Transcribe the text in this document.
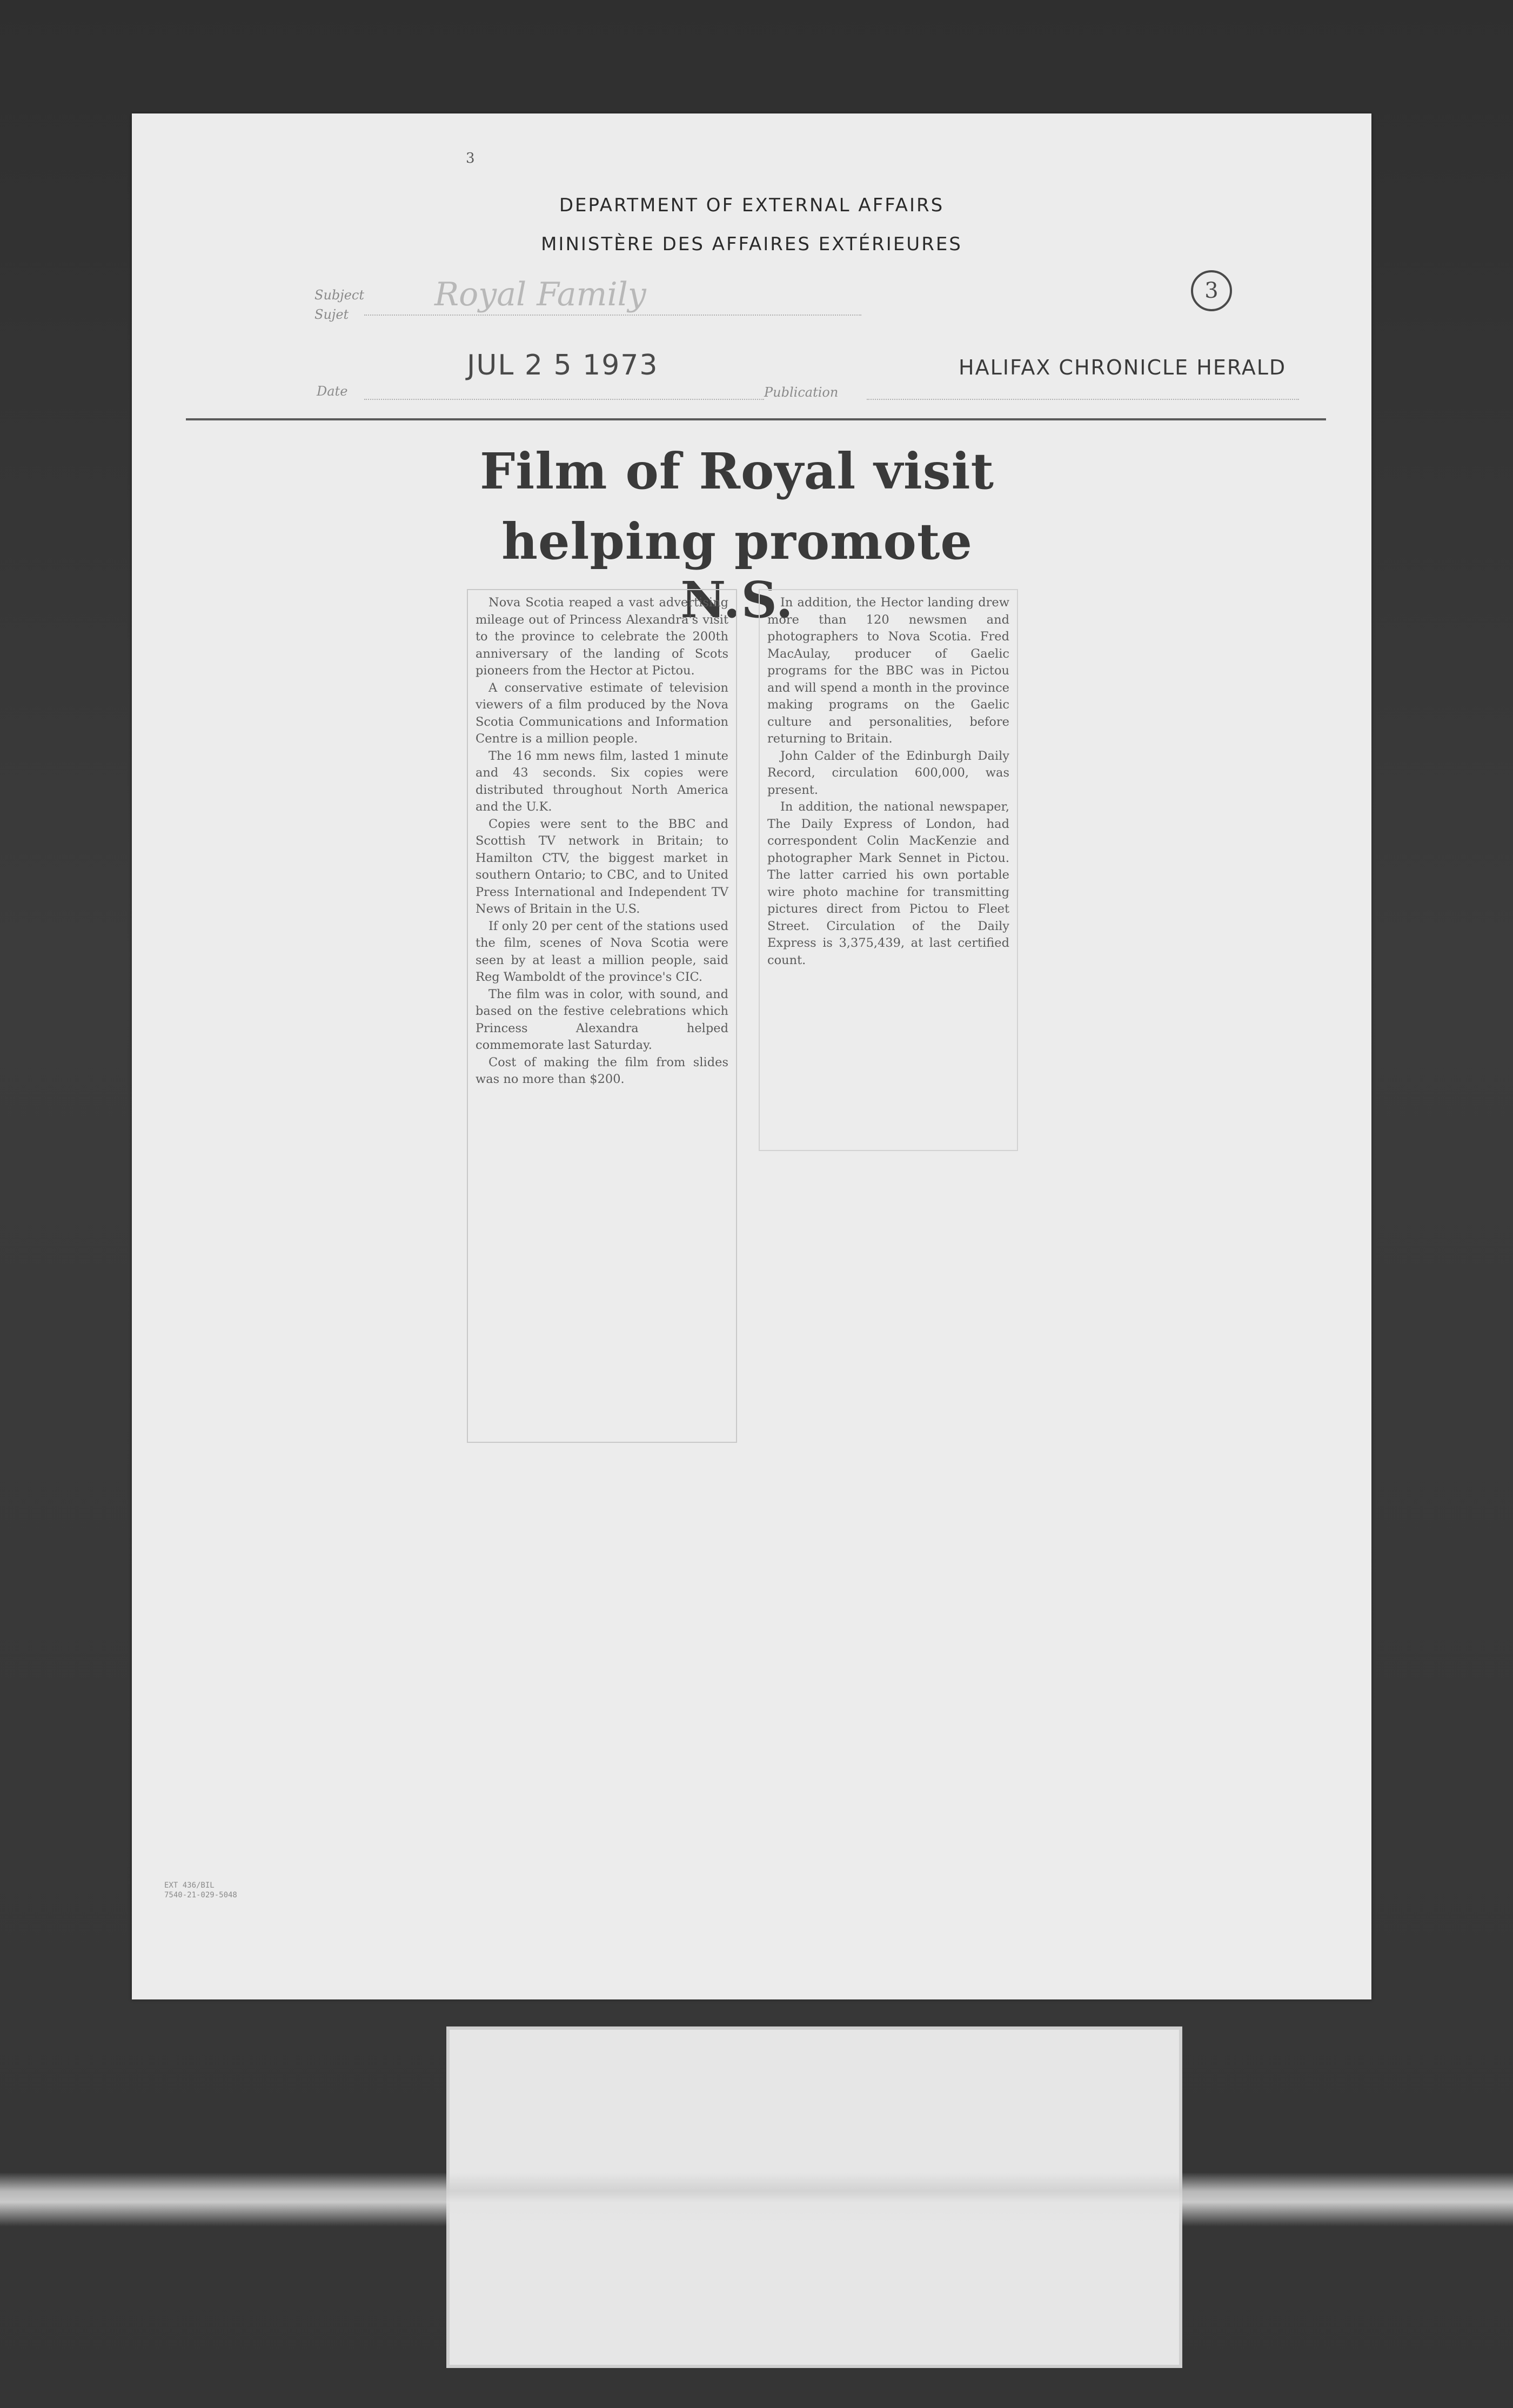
3
DEPARTMENT OF EXTERNAL AFFAIRS
MINISTÈRE DES AFFAIRES EXTÉRIEURES

3
Subject
Sujet
Royal Family
Date
JUL 2 5 1973
Publication
HALIFAX CHRONICLE HERALD
Film of Royal visit
helping promote N.S.

Nova Scotia reaped a vast advertising mileage out of Princess Alexandra's visit to the province to celebrate the 200th anniversary of the landing of Scots pioneers from the Hector at Pictou.

A conservative estimate of television viewers of a film produced by the Nova Scotia Communications and Information Centre is a million people.

The 16 mm news film, lasted 1 minute and 43 seconds. Six copies were distributed throughout North America and the U.K.

Copies were sent to the BBC and Scottish TV network in Britain; to Hamilton CTV, the biggest market in southern Ontario; to CBC, and to United Press International and Independent TV News of Britain in the U.S.

If only 20 per cent of the stations used the film, scenes of Nova Scotia were seen by at least a million people, said Reg Wamboldt of the province's CIC.

The film was in color, with sound, and based on the festive celebrations which Princess Alexandra helped commemorate last Saturday.

Cost of making the film from slides was no more than $200.

In addition, the Hector landing drew more than 120 newsmen and photographers to Nova Scotia. Fred MacAulay, producer of Gaelic programs for the BBC was in Pictou and will spend a month in the province making programs on the Gaelic culture and personalities, before returning to Britain.

John Calder of the Edinburgh Daily Record, circulation 600,000, was present.

In addition, the national newspaper, The Daily Express of London, had correspondent Colin MacKenzie and photographer Mark Sennet in Pictou. The latter carried his own portable wire photo machine for transmitting pictures direct from Pictou to Fleet Street. Circulation of the Daily Express is 3,375,439, at last certified count.

EXT 436/BIL
7540-21-029-5048
